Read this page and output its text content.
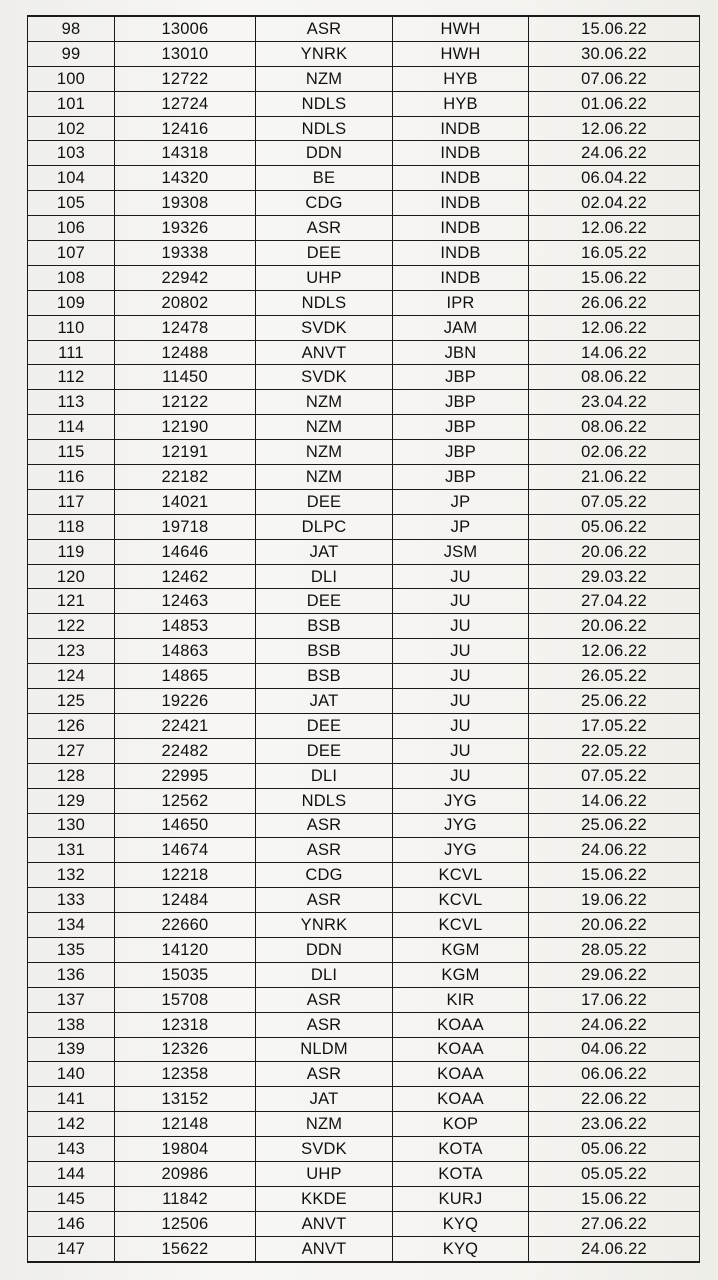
98	13006	ASR	HWH	15.06.22
99	13010	YNRK	HWH	30.06.22
100	12722	NZM	HYB	07.06.22
101	12724	NDLS	HYB	01.06.22
102	12416	NDLS	INDB	12.06.22
103	14318	DDN	INDB	24.06.22
104	14320	BE	INDB	06.04.22
105	19308	CDG	INDB	02.04.22
106	19326	ASR	INDB	12.06.22
107	19338	DEE	INDB	16.05.22
108	22942	UHP	INDB	15.06.22
109	20802	NDLS	IPR	26.06.22
110	12478	SVDK	JAM	12.06.22
111	12488	ANVT	JBN	14.06.22
112	11450	SVDK	JBP	08.06.22
113	12122	NZM	JBP	23.04.22
114	12190	NZM	JBP	08.06.22
115	12191	NZM	JBP	02.06.22
116	22182	NZM	JBP	21.06.22
117	14021	DEE	JP	07.05.22
118	19718	DLPC	JP	05.06.22
119	14646	JAT	JSM	20.06.22
120	12462	DLI	JU	29.03.22
121	12463	DEE	JU	27.04.22
122	14853	BSB	JU	20.06.22
123	14863	BSB	JU	12.06.22
124	14865	BSB	JU	26.05.22
125	19226	JAT	JU	25.06.22
126	22421	DEE	JU	17.05.22
127	22482	DEE	JU	22.05.22
128	22995	DLI	JU	07.05.22
129	12562	NDLS	JYG	14.06.22
130	14650	ASR	JYG	25.06.22
131	14674	ASR	JYG	24.06.22
132	12218	CDG	KCVL	15.06.22
133	12484	ASR	KCVL	19.06.22
134	22660	YNRK	KCVL	20.06.22
135	14120	DDN	KGM	28.05.22
136	15035	DLI	KGM	29.06.22
137	15708	ASR	KIR	17.06.22
138	12318	ASR	KOAA	24.06.22
139	12326	NLDM	KOAA	04.06.22
140	12358	ASR	KOAA	06.06.22
141	13152	JAT	KOAA	22.06.22
142	12148	NZM	KOP	23.06.22
143	19804	SVDK	KOTA	05.06.22
144	20986	UHP	KOTA	05.05.22
145	11842	KKDE	KURJ	15.06.22
146	12506	ANVT	KYQ	27.06.22
147	15622	ANVT	KYQ	24.06.22
